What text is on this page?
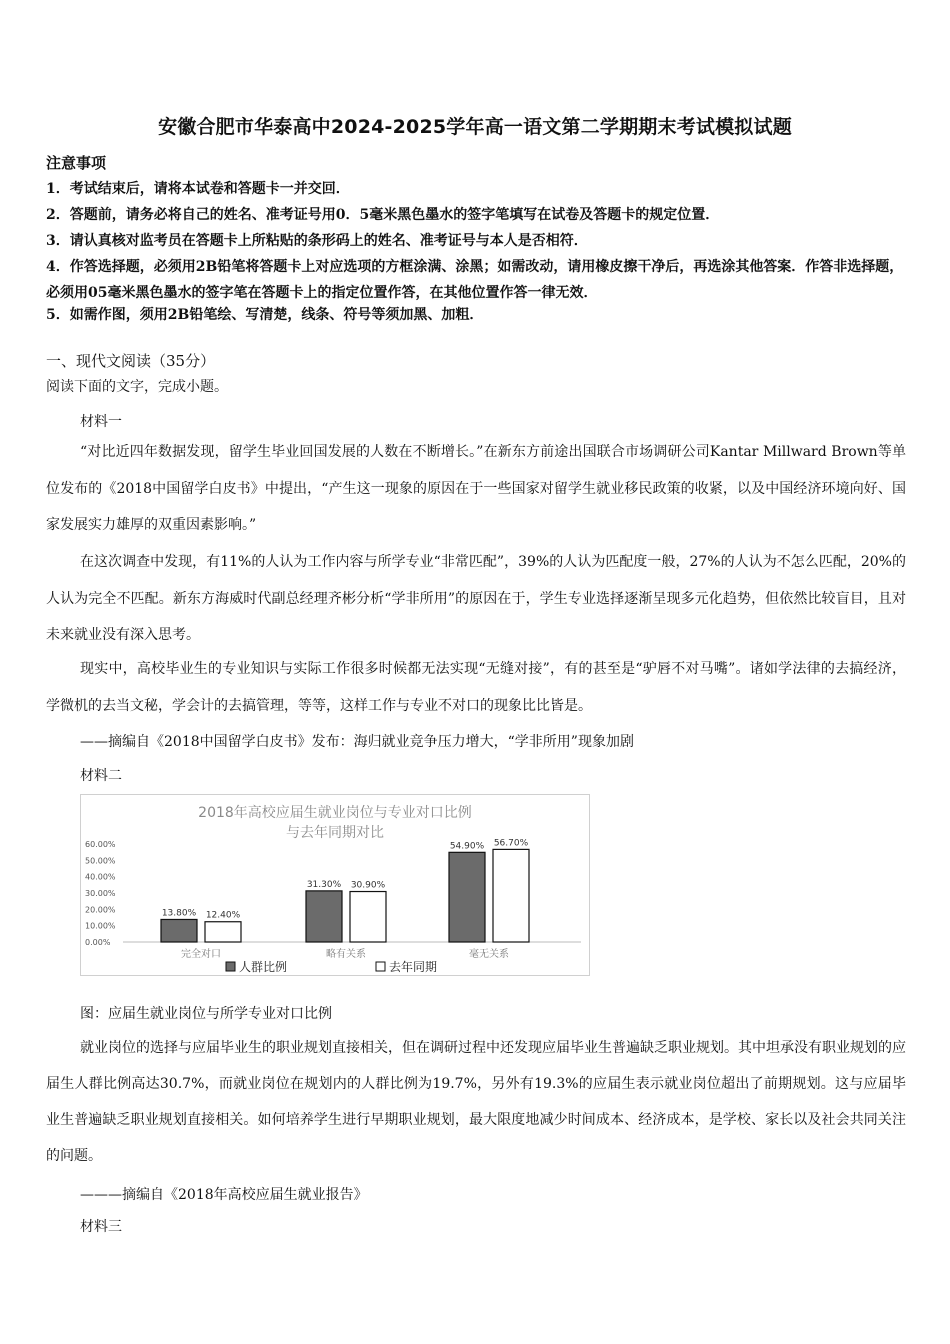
安徽合肥市华泰高中2024-2025学年高一语文第二学期期末考试模拟试题
注意事项
1．考试结束后，请将本试卷和答题卡一并交回．
2．答题前，请务必将自己的姓名、准考证号用0．5毫米黑色墨水的签字笔填写在试卷及答题卡的规定位置．
3．请认真核对监考员在答题卡上所粘贴的条形码上的姓名、准考证号与本人是否相符．
4．作答选择题，必须用2B铅笔将答题卡上对应选项的方框涂满、涂黑；如需改动，请用橡皮擦干净后，再选涂其他答案．作答非选择题，必须用05毫米黑色墨水的签字笔在答题卡上的指定位置作答，在其他位置作答一律无效．
5．如需作图，须用2B铅笔绘、写清楚，线条、符号等须加黑、加粗．
一、现代文阅读（35分）
阅读下面的文字，完成小题。
材料一
“对比近四年数据发现，留学生毕业回国发展的人数在不断增长。”在新东方前途出国联合市场调研公司Kantar Millward Brown等单位发布的《2018中国留学白皮书》中提出，“产生这一现象的原因在于一些国家对留学生就业移民政策的收紧，以及中国经济环境向好、国家发展实力雄厚的双重因素影响。”
在这次调查中发现，有11%的人认为工作内容与所学专业“非常匹配”，39%的人认为匹配度一般，27%的人认为不怎么匹配，20%的人认为完全不匹配。新东方海威时代副总经理齐彬分析“学非所用”的原因在于，学生专业选择逐渐呈现多元化趋势，但依然比较盲目，且对未来就业没有深入思考。
现实中，高校毕业生的专业知识与实际工作很多时候都无法实现“无缝对接”，有的甚至是“驴唇不对马嘴”。诸如学法律的去搞经济，学微机的去当文秘，学会计的去搞管理，等等，这样工作与专业不对口的现象比比皆是。
——摘编自《2018中国留学白皮书》发布：海归就业竞争压力增大，“学非所用”现象加剧
材料二
2018年高校应届生就业岗位与专业对口比例
与去年同期对比
0.00%
10.00%
20.00%
30.00%
40.00%
50.00%
60.00%
13.80% 12.40%
31.30% 30.90%
54.90% 56.70%
完全对口	略有关系	毫无关系
人群比例	去年同期
图：应届生就业岗位与所学专业对口比例
就业岗位的选择与应届毕业生的职业规划直接相关，但在调研过程中还发现应届毕业生普遍缺乏职业规划。其中坦承没有职业规划的应届生人群比例高达30.7%，而就业岗位在规划内的人群比例为19.7%，另外有19.3%的应届生表示就业岗位超出了前期规划。这与应届毕业生普遍缺乏职业规划直接相关。如何培养学生进行早期职业规划，最大限度地减少时间成本、经济成本，是学校、家长以及社会共同关注的问题。
———摘编自《2018年高校应届生就业报告》
材料三
